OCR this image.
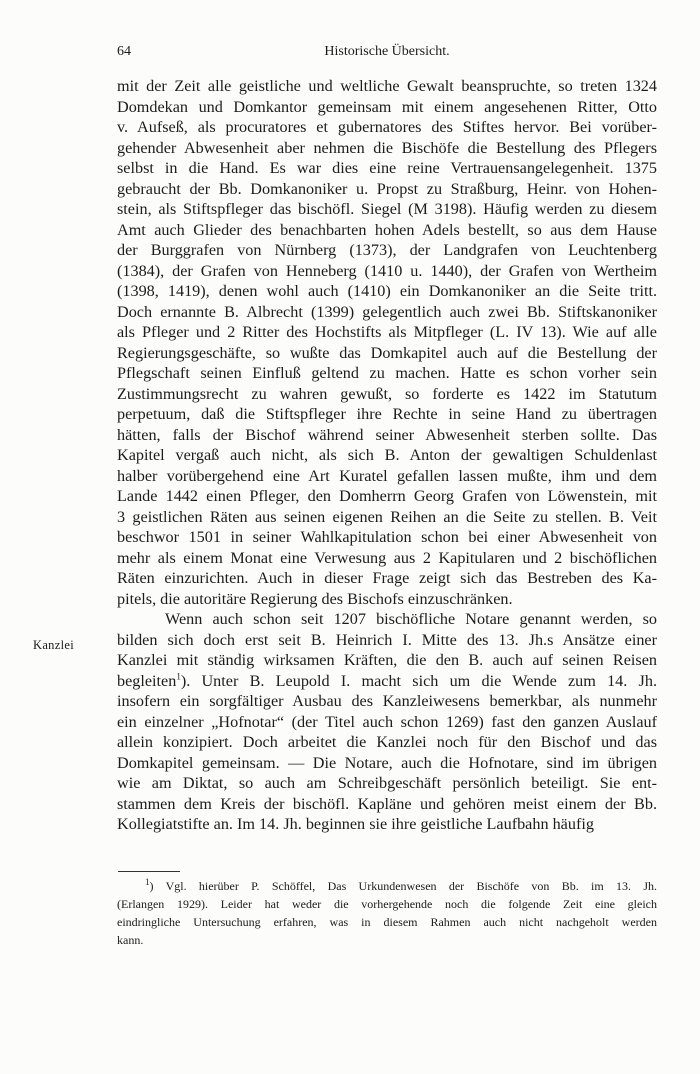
64	Historische Übersicht.
Kanzlei
mit der Zeit alle geistliche und weltliche Gewalt beanspruchte, so treten 1324
Domdekan und Domkantor gemeinsam mit einem angesehenen Ritter, Otto
v. Aufseß, als procuratores et gubernatores des Stiftes hervor. Bei vorüber-
gehender Abwesenheit aber nehmen die Bischöfe die Bestellung des Pflegers
selbst in die Hand. Es war dies eine reine Vertrauensangelegenheit. 1375
gebraucht der Bb. Domkanoniker u. Propst zu Straßburg, Heinr. von Hohen-
stein, als Stiftspfleger das bischöfl. Siegel (M 3198). Häufig werden zu diesem
Amt auch Glieder des benachbarten hohen Adels bestellt, so aus dem Hause
der Burggrafen von Nürnberg (1373), der Landgrafen von Leuchtenberg
(1384), der Grafen von Henneberg (1410 u. 1440), der Grafen von Wertheim
(1398, 1419), denen wohl auch (1410) ein Domkanoniker an die Seite tritt.
Doch ernannte B. Albrecht (1399) gelegentlich auch zwei Bb. Stiftskanoniker
als Pfleger und 2 Ritter des Hochstifts als Mitpfleger (L. IV 13). Wie auf alle
Regierungsgeschäfte, so wußte das Domkapitel auch auf die Bestellung der
Pflegschaft seinen Einfluß geltend zu machen. Hatte es schon vorher sein
Zustimmungsrecht zu wahren gewußt, so forderte es 1422 im Statutum
perpetuum, daß die Stiftspfleger ihre Rechte in seine Hand zu übertragen
hätten, falls der Bischof während seiner Abwesenheit sterben sollte. Das
Kapitel vergaß auch nicht, als sich B. Anton der gewaltigen Schuldenlast
halber vorübergehend eine Art Kuratel gefallen lassen mußte, ihm und dem
Lande 1442 einen Pfleger, den Domherrn Georg Grafen von Löwenstein, mit
3 geistlichen Räten aus seinen eigenen Reihen an die Seite zu stellen. B. Veit
beschwor 1501 in seiner Wahlkapitulation schon bei einer Abwesenheit von
mehr als einem Monat eine Verwesung aus 2 Kapitularen und 2 bischöflichen
Räten einzurichten. Auch in dieser Frage zeigt sich das Bestreben des Ka-
pitels, die autoritäre Regierung des Bischofs einzuschränken.
Wenn auch schon seit 1207 bischöfliche Notare genannt werden, so
bilden sich doch erst seit B. Heinrich I. Mitte des 13. Jh.s Ansätze einer
Kanzlei mit ständig wirksamen Kräften, die den B. auch auf seinen Reisen
begleiten$^1$). Unter B. Leupold I. macht sich um die Wende zum 14. Jh.
insofern ein sorgfältiger Ausbau des Kanzleiwesens bemerkbar, als nunmehr
ein einzelner „Hofnotar“ (der Titel auch schon 1269) fast den ganzen Auslauf
allein konzipiert. Doch arbeitet die Kanzlei noch für den Bischof und das
Domkapitel gemeinsam. — Die Notare, auch die Hofnotare, sind im übrigen
wie am Diktat, so auch am Schreibgeschäft persönlich beteiligt. Sie ent-
stammen dem Kreis der bischöfl. Kapläne und gehören meist einem der Bb.
Kollegiatstifte an. Im 14. Jh. beginnen sie ihre geistliche Laufbahn häufig
$^1$) Vgl. hierüber P. Schöffel, Das Urkundenwesen der Bischöfe von Bb. im 13. Jh.
(Erlangen 1929). Leider hat weder die vorhergehende noch die folgende Zeit eine gleich
eindringliche Untersuchung erfahren, was in diesem Rahmen auch nicht nachgeholt werden
kann.
